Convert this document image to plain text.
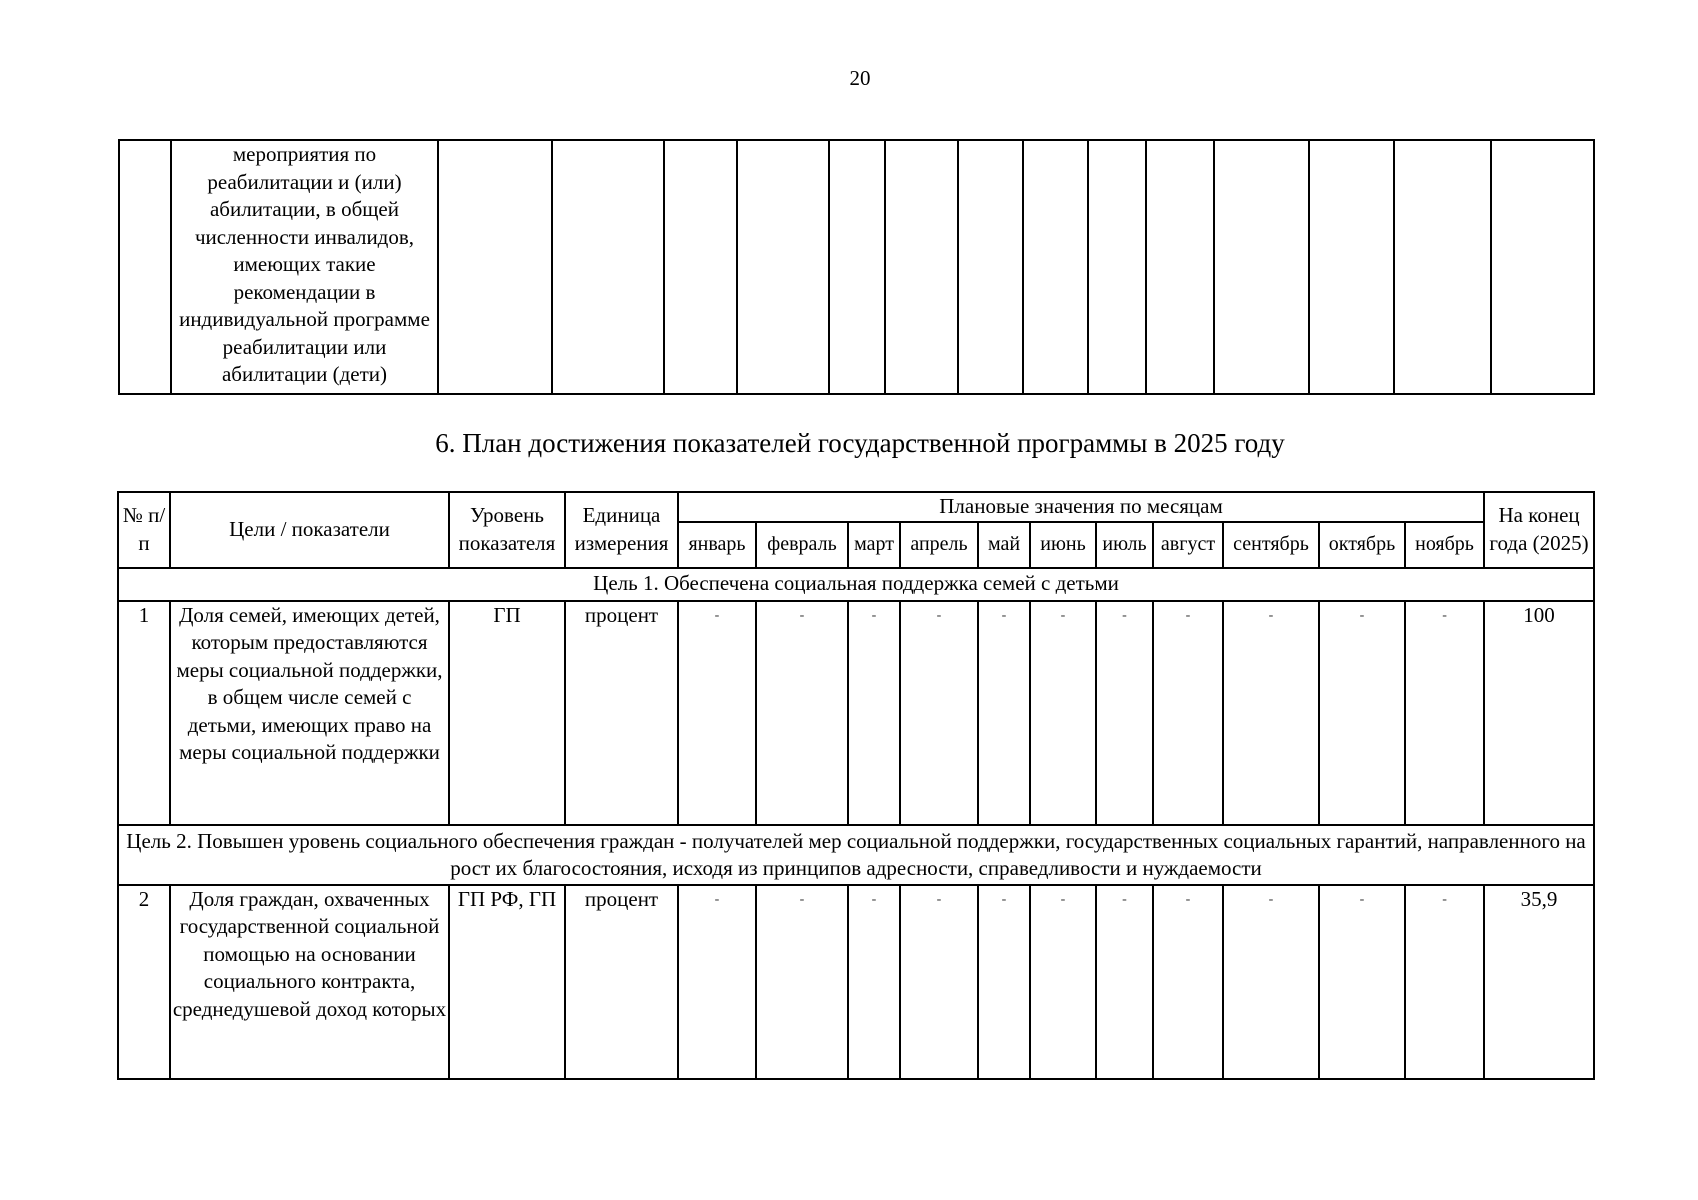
20
	мероприятия по реабилитации и (или) абилитации, в общей численности инвалидов, имеющих такие рекомендации в индивидуальной программе реабилитации или абилитации (дети)														
6. План достижения показателей государственной программы в 2025 году
№ п/п	Цели / показатели	Уровень показателя	Единица измерения	Плановые значения по месяцам											На конец года (2025)
				январь	февраль	март	апрель	май	июнь	июль	август	сентябрь	октябрь	ноябрь	
Цель 1. Обеспечена социальная поддержка семей с детьми															
1	Доля семей, имеющих детей, которым предоставляются меры социальной поддержки, в общем числе семей с детьми, имеющих право на меры социальной поддержки	ГП	процент	-	-	-	-	-	-	-	-	-	-	-	100
Цель 2. Повышен уровень социального обеспечения граждан - получателей мер социальной поддержки, государственных социальных гарантий, направленного на рост их благосостояния, исходя из принципов адресности, справедливости и нуждаемости															
2	Доля граждан, охваченных государственной социальной помощью на основании социального контракта, среднедушевой доход которых	ГП РФ, ГП	процент	-	-	-	-	-	-	-	-	-	-	-	35,9
